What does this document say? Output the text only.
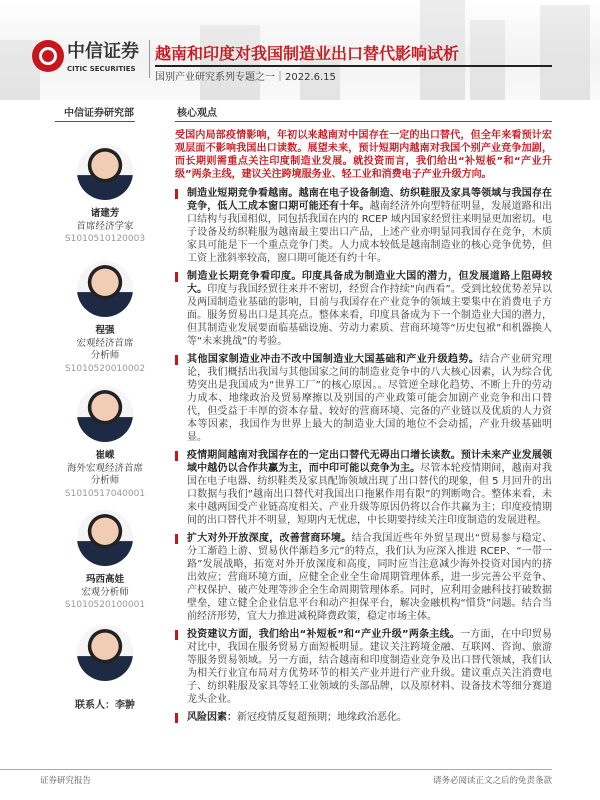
中信证券
CITIC SECURITIES
越南和印度对我国制造业出口替代影响试析
国别产业研究系列专题之一｜2022.6.15
中信证券研究部	核心观点
诸建芳
首席经济学家
S1010510120003
程强
宏观经济首席
分析师
S1010520010002
崔嵘
海外宏观经济首席
分析师
S1010517040001
玛西高娃
宏观分析师
S1010520100001
联系人：李翀

受国内局部疫情影响，年初以来越南对中国存在一定的出口替代，但全年来看预计宏观层面不影响我国出口读数。展望未来，预计短期内越南对我国个别产业竞争加剧，而长期则需重点关注印度制造业发展。就投资而言，我们给出“补短板”和“产业升级”两条主线，建议关注跨境服务业、轻工业和消费电子产业升级方向。

制造业短期竞争看越南。越南在电子设备制造、纺织鞋服及家具等领域与我国存在竞争，低人工成本窗口期可能还有十年。越南经济外向型特征明显，发展道路和出口结构与我国相似，同包括我国在内的 RCEP 域内国家经贸往来明显更加密切。电子设备及纺织鞋服为越南最主要出口产品，上述产业亦明显同我国存在竞争，木质家具可能是下一个重点竞争门类。人力成本较低是越南制造业的核心竞争优势，但工资上涨斜率较高，窗口期可能还有约十年。

制造业长期竞争看印度。印度具备成为制造业大国的潜力，但发展道路上阻碍较大。印度与我国经贸往来并不密切，经贸合作持续“向西看”。受到比较优势差异以及两国制造业基础的影响，目前与我国存在产业竞争的领域主要集中在消费电子方面。服务贸易出口是其亮点。整体来看，印度具备成为下一个制造业大国的潜力，但其制造业发展要面临基础设施、劳动力素质、营商环境等“历史包袱”和机器换人等“未来挑战”的考验。

其他国家制造业冲击不改中国制造业大国基础和产业升级趋势。结合产业研究理论，我们概括出我国与其他国家之间的制造业竞争中的八大核心因素，认为综合优势突出是我国成为“世界工厂”的核心原因。。尽管逆全球化趋势、不断上升的劳动力成本、地缘政治及贸易摩擦以及别国的产业政策可能会加剧产业竞争和出口替代，但受益于丰厚的资本存量、较好的营商环境、完备的产业链以及优质的人力资本等因素，我国作为世界上最大的制造业大国的地位不会动摇，产业升级基础明显。

疫情期间越南对我国存在的一定出口替代无碍出口增长读数。预计未来产业发展领域中越仍以合作共赢为主，而中印可能以竞争为主。尽管本轮疫情期间，越南对我国在电子电器、纺织鞋类及家具配饰领域出现了出口替代的现象，但 5 月回升的出口数据与我们“越南出口替代对我国出口拖累作用有限”的判断吻合。整体来看，未来中越两国受产业链高度相关、产业升级等原因仍将以合作共赢为主；印度疫情期间的出口替代并不明显，短期内无忧虑，中长期要持续关注印度制造的发展进程。

扩大对外开放深度，改善营商环境。结合我国近些年外贸呈现出“贸易参与稳定、分工渐趋上游、贸易伙伴渐趋多元”的特点，我们认为应深入推进 RCEP、“一带一路”发展战略，拓宽对外开放深度和高度，同时应当注意减少海外投资对国内的挤出效应；营商环境方面，应健全企业全生命周期管理体系，进一步完善公平竞争、产权保护、破产处理等涉企全生命周期管理体系。同时，应利用金融科技打破数据壁垒，建立健全企业信息平台和动产担保平台，解决金融机构“惜贷”问题。结合当前经济形势，宜大力推进减税降费政策，稳定市场主体。

投资建议方面，我们给出“补短板”和“产业升级”两条主线。一方面，在中印贸易对比中，我国在服务贸易方面短板明显。建议关注跨境金融、互联网、咨询、旅游等服务贸易领域。另一方面，结合越南和印度制造业竞争及出口替代领域，我们认为相关行业宜布局对方优势环节的相关产业并进行产业升级。建议重点关注消费电子、纺织鞋服及家具等轻工业领域的头部品牌，以及原材料、设备技术等细分赛道龙头企业。

风险因素：新冠疫情反复超预期；地缘政治恶化。

证券研究报告	请务必阅读正文之后的免责条款
